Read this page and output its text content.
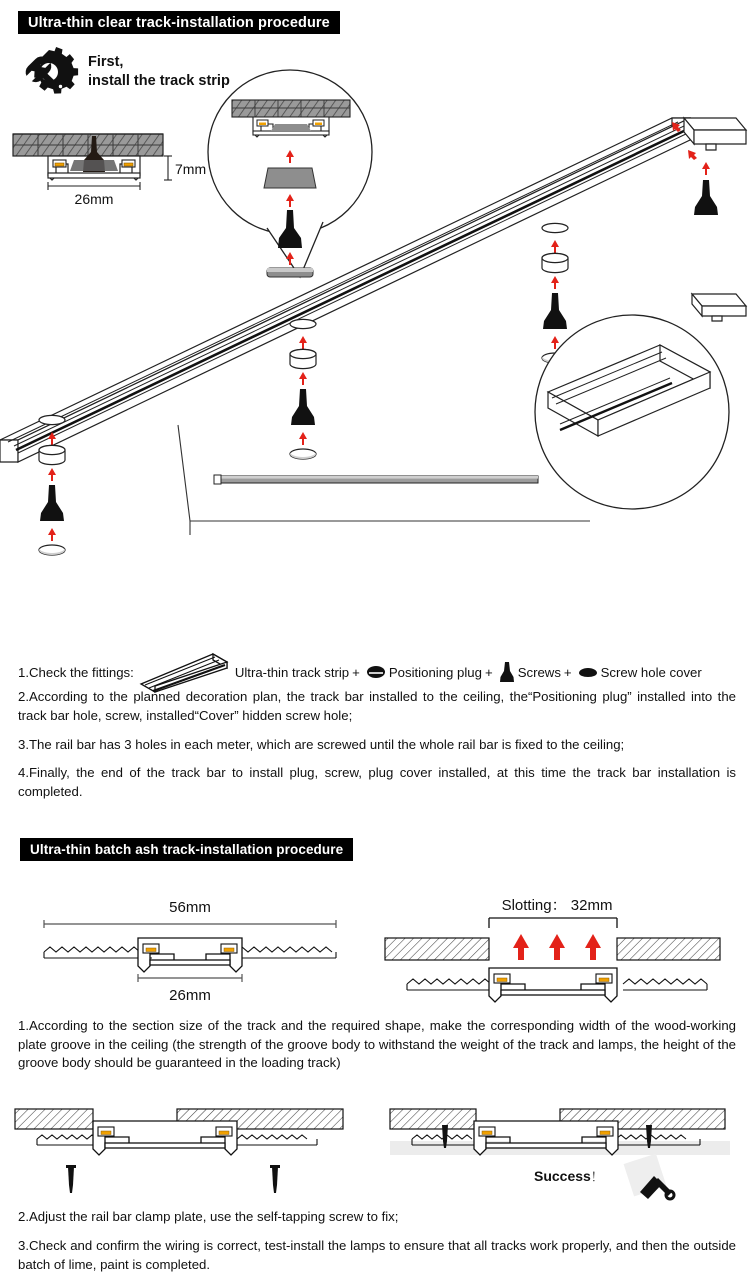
Ultra-thin clear track-installation procedure
First,
install the track strip
7mm
26mm
1.Check the fittings:	Ultra-thin track strip + Positioning plug + Screws + Screw hole cover
2.According to the planned decoration plan, the track bar installed to the ceiling, the“Positioning plug” installed into the track bar hole, screw, installed“Cover” hidden screw hole;
3.The rail bar has 3 holes in each meter, which are screwed until the whole rail bar is fixed to the ceiling;
4.Finally, the end of the track bar to install plug, screw, plug cover installed, at this time the track bar installation is completed.
Ultra-thin batch ash track-installation procedure
56mm
26mm
Slotting： 32mm
1.According to the section size of the track and the required shape, make the corresponding width of the wood-working plate groove in the ceiling (the strength of the groove body to withstand the weight of the track and lamps, the height of the groove body should be guaranteed in the loading track)
Success！
2.Adjust the rail bar clamp plate, use the self-tapping screw to fix;
3.Check and confirm the wiring is correct, test-install the lamps to ensure that all tracks work properly, and then the outside batch of lime, paint is completed.
